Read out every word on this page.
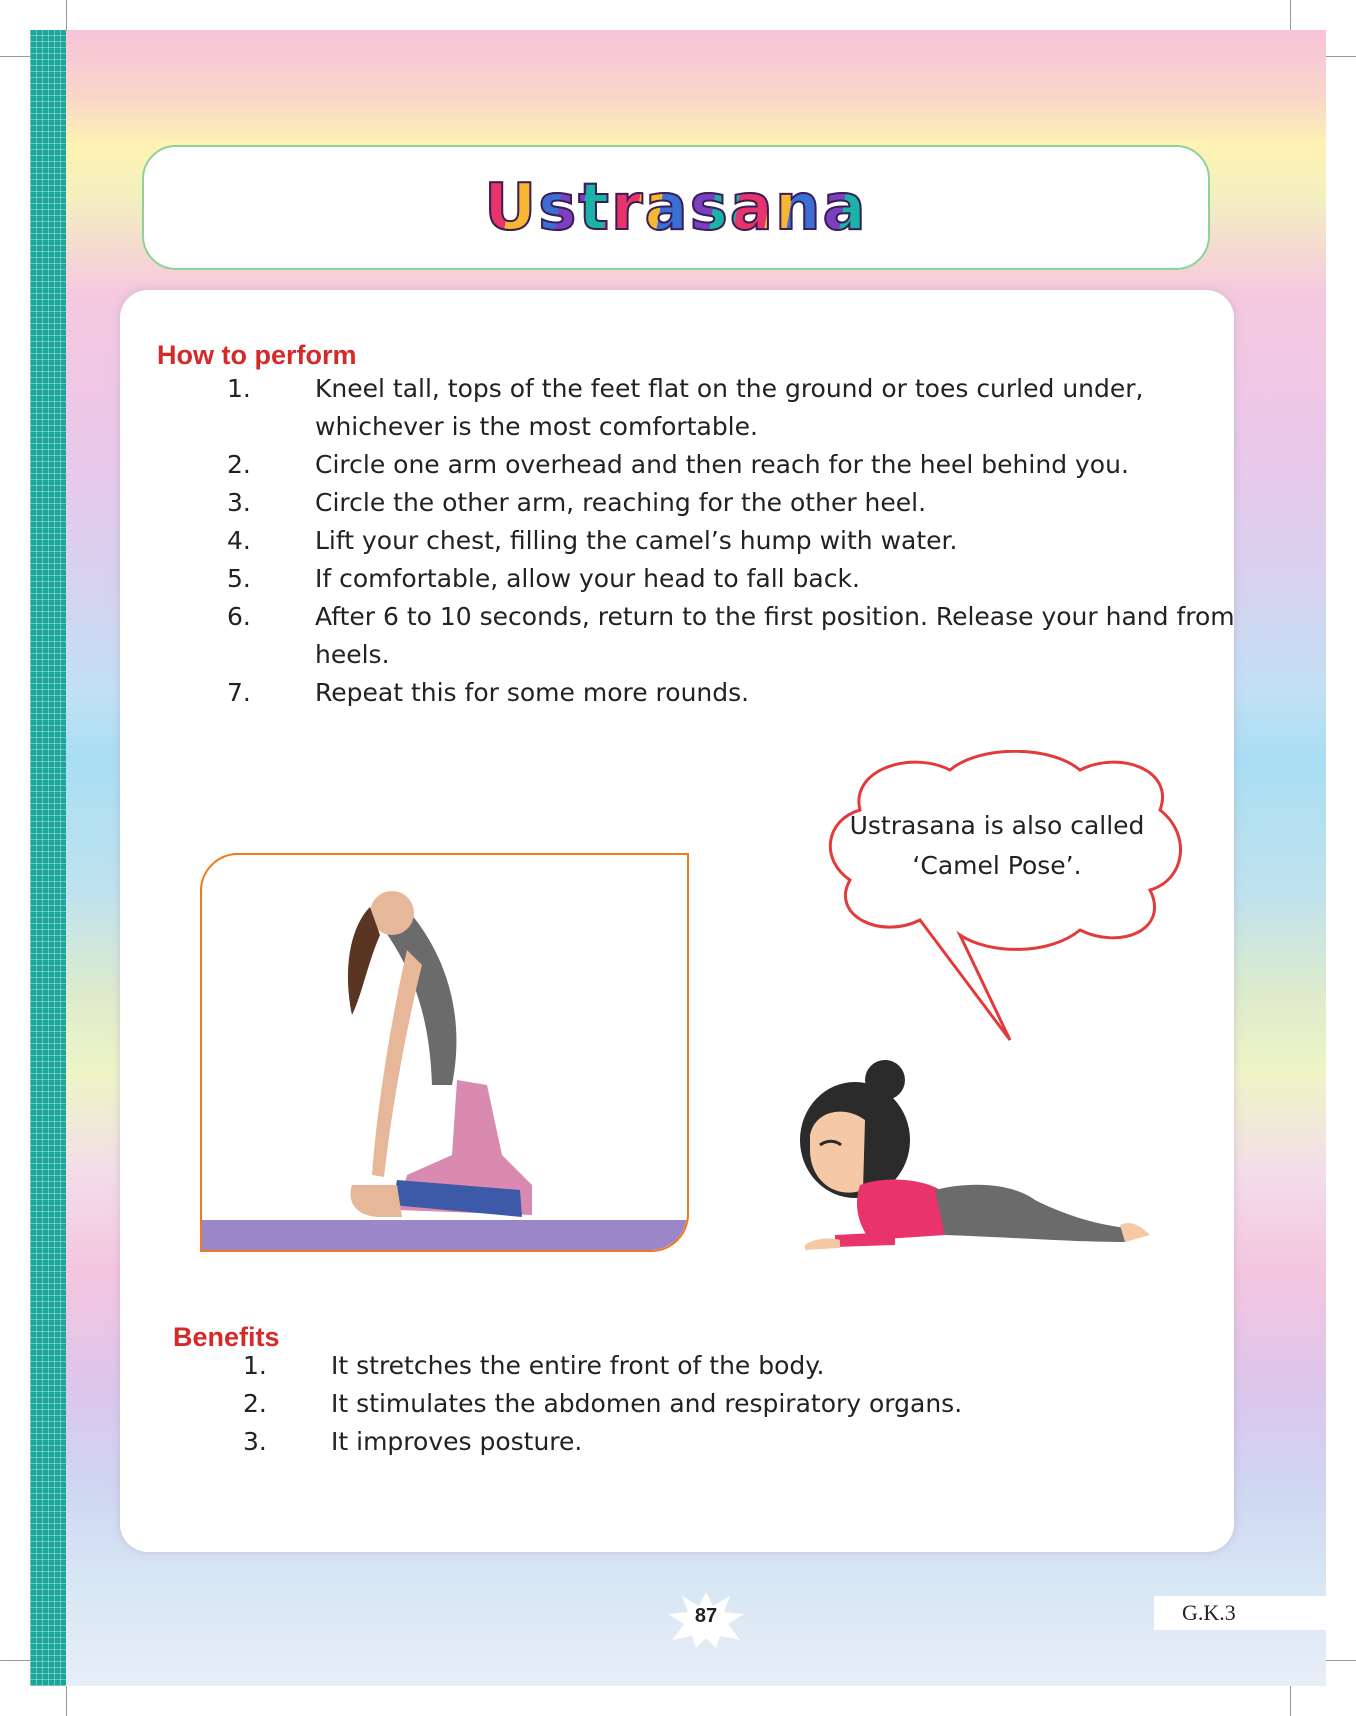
Ustrasana
How to perform
1.	Kneel tall, tops of the feet flat on the ground or toes curled under, whichever is the most comfortable.
2.	Circle one arm overhead and then reach for the heel behind you.
3.	Circle the other arm, reaching for the other heel.
4.	Lift your chest, filling the camel’s hump with water.
5.	If comfortable, allow your head to fall back.
6.	After 6 to 10 seconds, return to the first position. Release your hand from heels.
7.	Repeat this for some more rounds.
Ustrasana is also called
‘Camel Pose’.
Benefits
1.	It stretches the entire front of the body.
2.	It stimulates the abdomen and respiratory organs.
3.	It improves posture.
87	G.K.3
